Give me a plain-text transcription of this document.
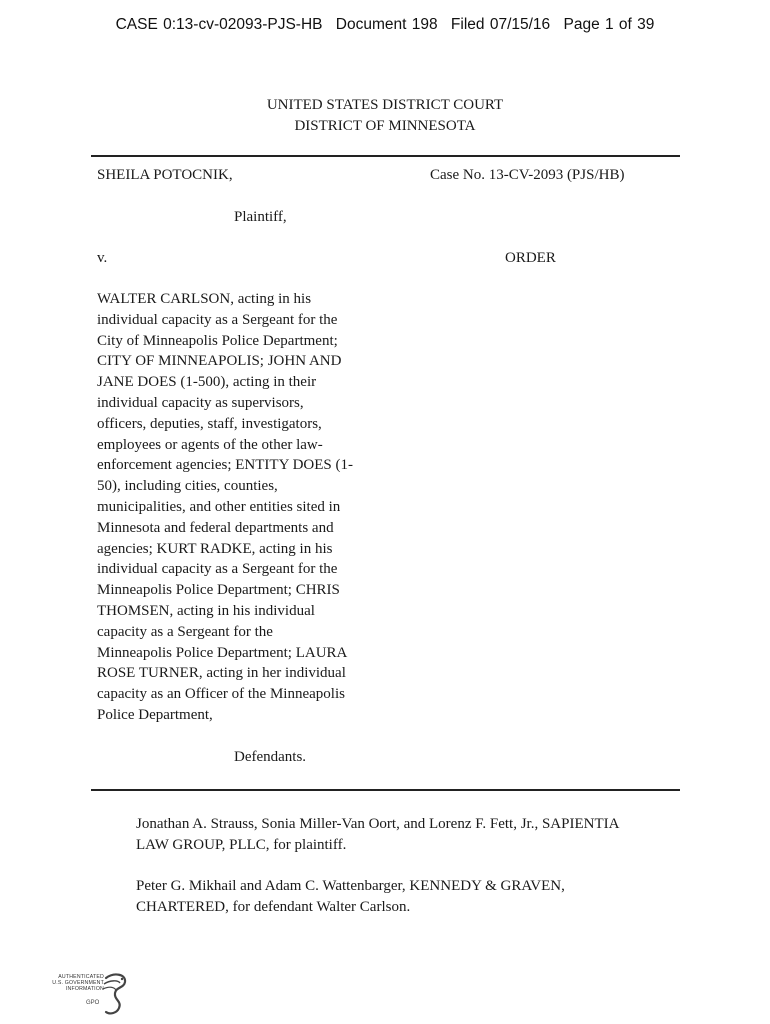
CASE 0:13-cv-02093-PJS-HB Document 198 Filed 07/15/16 Page 1 of 39
UNITED STATES DISTRICT COURT
DISTRICT OF MINNESOTA
SHEILA POTOCNIK,	Case No. 13-CV-2093 (PJS/HB)
Plaintiff,
v.	ORDER
WALTER CARLSON, acting in his
individual capacity as a Sergeant for the
City of Minneapolis Police Department;
CITY OF MINNEAPOLIS; JOHN AND
JANE DOES (1-500), acting in their
individual capacity as supervisors,
officers, deputies, staff, investigators,
employees or agents of the other law-
enforcement agencies; ENTITY DOES (1-
50), including cities, counties,
municipalities, and other entities sited in
Minnesota and federal departments and
agencies; KURT RADKE, acting in his
individual capacity as a Sergeant for the
Minneapolis Police Department; CHRIS
THOMSEN, acting in his individual
capacity as a Sergeant for the
Minneapolis Police Department; LAURA
ROSE TURNER, acting in her individual
capacity as an Officer of the Minneapolis
Police Department,
Defendants.
Jonathan A. Strauss, Sonia Miller-Van Oort, and Lorenz F. Fett, Jr., SAPIENTIA
LAW GROUP, PLLC, for plaintiff.
Peter G. Mikhail and Adam C. Wattenbarger, KENNEDY & GRAVEN,
CHARTERED, for defendant Walter Carlson.
AUTHENTICATED
U.S. GOVERNMENT
INFORMATION
GPO
